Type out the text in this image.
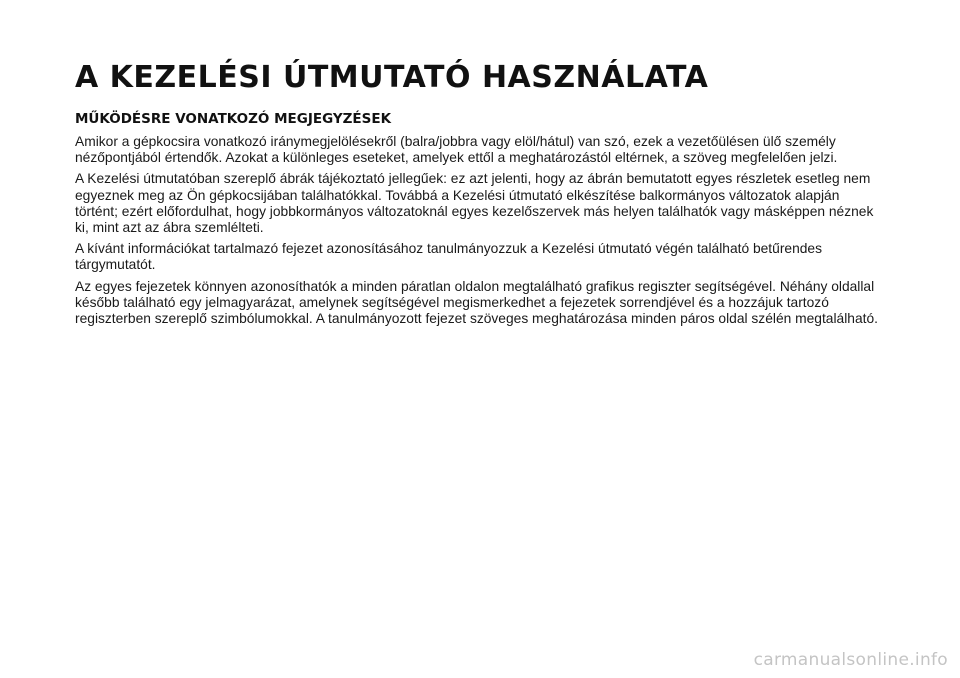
A KEZELÉSI ÚTMUTATÓ HASZNÁLATA
MŰKÖDÉSRE VONATKOZÓ MEGJEGYZÉSEK

Amikor a gépkocsira vonatkozó iránymegjelölésekről (balra/jobbra vagy elöl/hátul) van szó, ezek a vezetőülésen ülő személy nézőpontjából értendők. Azokat a különleges eseteket, amelyek ettől a meghatározástól eltérnek, a szöveg megfelelően jelzi.

A Kezelési útmutatóban szereplő ábrák tájékoztató jellegűek: ez azt jelenti, hogy az ábrán bemutatott egyes részletek esetleg nem egyeznek meg az Ön gépkocsijában találhatókkal. Továbbá a Kezelési útmutató elkészítése balkormányos változatok alapján történt; ezért előfordulhat, hogy jobbkormányos változatoknál egyes kezelőszervek más helyen találhatók vagy másképpen néznek ki, mint azt az ábra szemlélteti.

A kívánt információkat tartalmazó fejezet azonosításához tanulmányozzuk a Kezelési útmutató végén található betűrendes tárgymutatót.

Az egyes fejezetek könnyen azonosíthatók a minden páratlan oldalon megtalálható grafikus regiszter segítségével. Néhány oldallal később található egy jelmagyarázat, amelynek segítségével megismerkedhet a fejezetek sorrendjével és a hozzájuk tartozó regiszterben szereplő szimbólumokkal. A tanulmányozott fejezet szöveges meghatározása minden páros oldal szélén megtalálható.

carmanualsonline.info
